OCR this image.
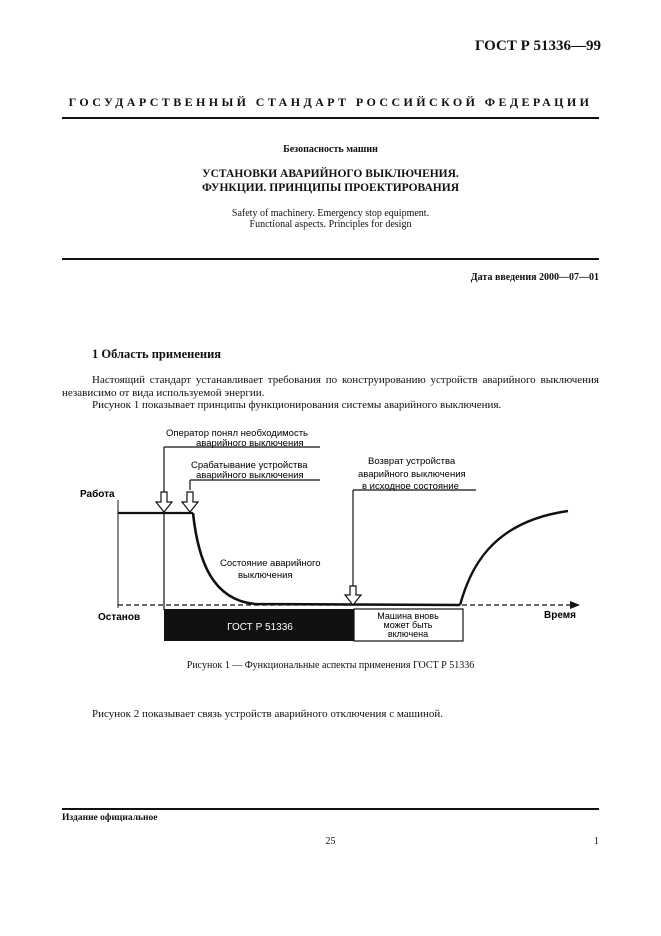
ГОСТ Р 51336—99
ГОСУДАРСТВЕННЫЙ СТАНДАРТ РОССИЙСКОЙ ФЕДЕРАЦИИ
Безопасность машин
УСТАНОВКИ АВАРИЙНОГО ВЫКЛЮЧЕНИЯ.
ФУНКЦИИ. ПРИНЦИПЫ ПРОЕКТИРОВАНИЯ
Safety of machinery. Emergency stop equipment.
Functional aspects. Principles for design
Дата введения 2000—07—01
1 Область применения
Настоящий стандарт устанавливает требования по конструированию устройств аварийного выключения независимо от вида используемой энергии.
Рисунок 1 показывает принципы функционирования системы аварийного выключения.
Оператор понял необходимость
аварийного выключения
Срабатывание устройства
аварийного выключения
Возврат устройства
аварийного выключения
в исходное состояние
Состояние аварийного
выключения
Работа
Останов	Время
ГОСТ Р 51336
Машина вновь
может быть
включена
Рисунок 1 — Функциональные аспекты применения ГОСТ Р 51336
Рисунок 2 показывает связь устройств аварийного отключения с машиной.
Издание официальное
25	1
